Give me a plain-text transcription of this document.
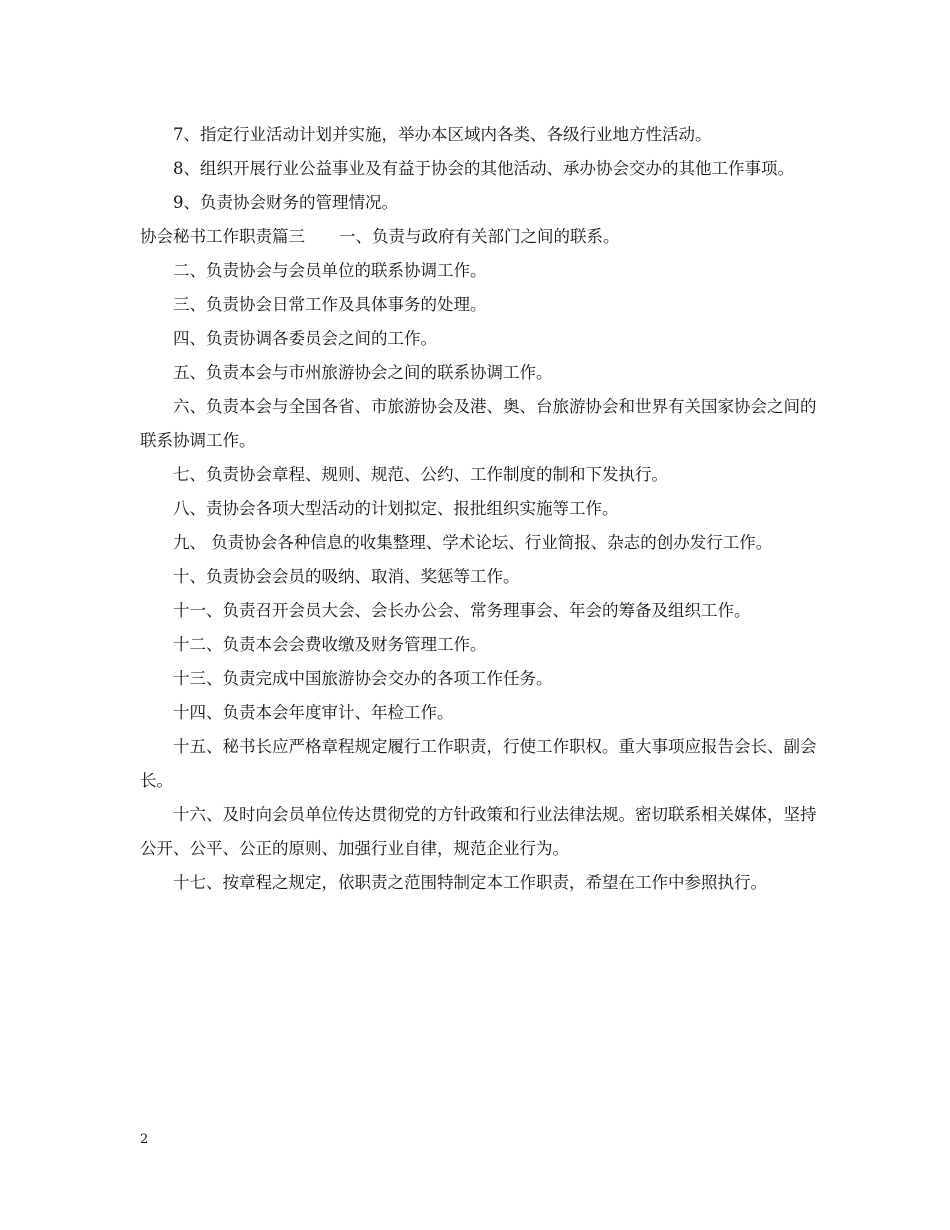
7、指定行业活动计划并实施，举办本区域内各类、各级行业地方性活动。

8、组织开展行业公益事业及有益于协会的其他活动、承办协会交办的其他工作事项。

9、负责协会财务的管理情况。

协会秘书工作职责篇三 一、负责与政府有关部门之间的联系。

二、负责协会与会员单位的联系协调工作。

三、负责协会日常工作及具体事务的处理。

四、负责协调各委员会之间的工作。

五、负责本会与市州旅游协会之间的联系协调工作。

六、负责本会与全国各省、市旅游协会及港、奥、台旅游协会和世界有关国家协会之间的联系协调工作。

七、负责协会章程、规则、规范、公约、工作制度的制和下发执行。

八、责协会各项大型活动的计划拟定、报批组织实施等工作。

九、 负责协会各种信息的收集整理、学术论坛、行业简报、杂志的创办发行工作。

十、负责协会会员的吸纳、取消、奖惩等工作。

十一、负责召开会员大会、会长办公会、常务理事会、年会的筹备及组织工作。

十二、负责本会会费收缴及财务管理工作。

十三、负责完成中国旅游协会交办的各项工作任务。

十四、负责本会年度审计、年检工作。

十五、秘书长应严格章程规定履行工作职责，行使工作职权。重大事项应报告会长、副会长。

十六、及时向会员单位传达贯彻党的方针政策和行业法律法规。密切联系相关媒体，坚持公开、公平、公正的原则、加强行业自律，规范企业行为。

十七、按章程之规定，依职责之范围特制定本工作职责，希望在工作中参照执行。

2
